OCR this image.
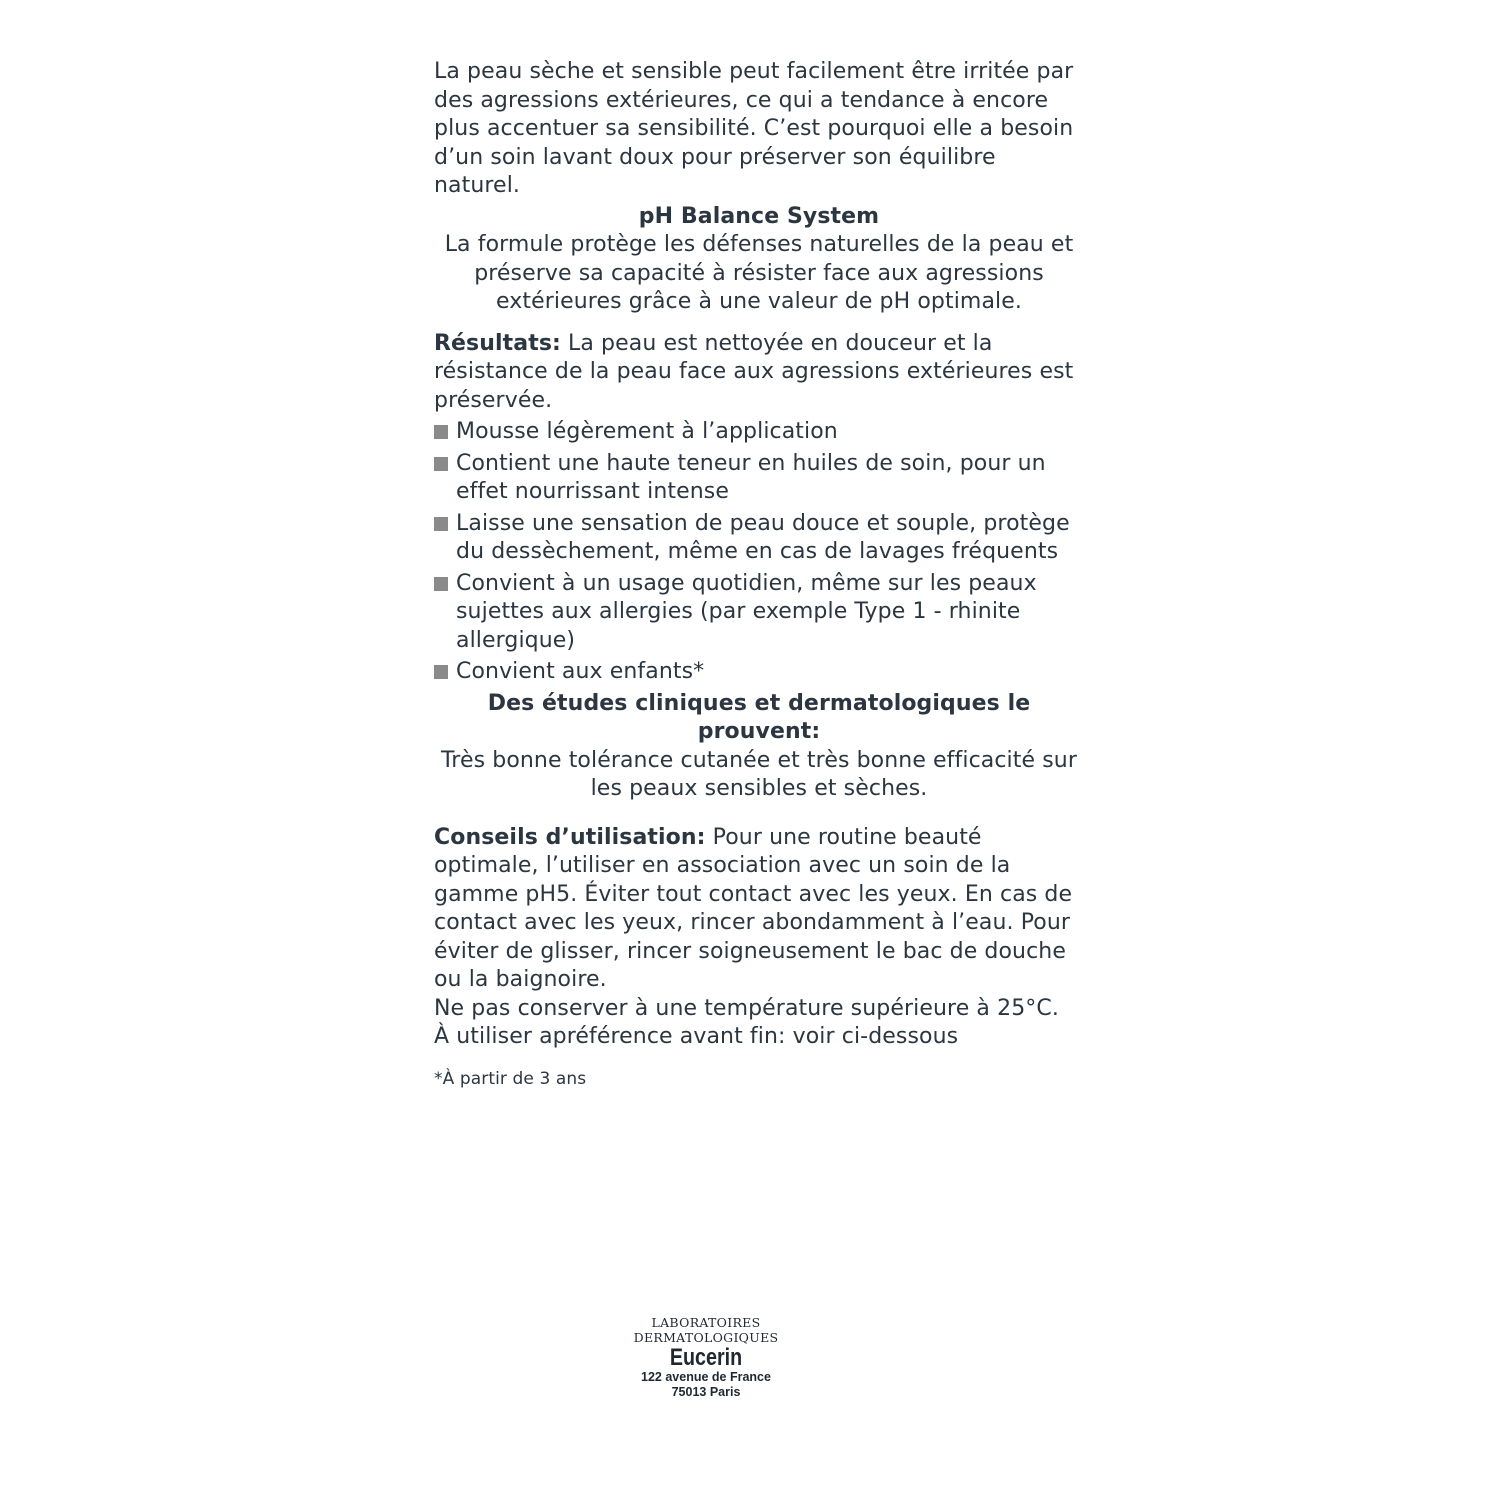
La peau sèche et sensible peut facilement être irritée par des agressions extérieures, ce qui a tendance à encore plus accentuer sa sensibilité. C’est pourquoi elle a besoin d’un soin lavant doux pour préserver son équilibre naturel.

pH Balance System
La formule protège les défenses naturelles de la peau et préserve sa capacité à résister face aux agressions extérieures grâce à une valeur de pH optimale.

Résultats: La peau est nettoyée en douceur et la résistance de la peau face aux agressions extérieures est préservée.

Mousse légèrement à l’application
Contient une haute teneur en huiles de soin, pour un effet nourrissant intense
Laisse une sensation de peau douce et souple, protège du dessèchement, même en cas de lavages fréquents
Convient à un usage quotidien, même sur les peaux sujettes aux allergies (par exemple Type 1 - rhinite allergique)
Convient aux enfants*
Des études cliniques et dermatologiques le prouvent:
Très bonne tolérance cutanée et très bonne efficacité sur les peaux sensibles et sèches.

Conseils d’utilisation: Pour une routine beauté optimale, l’utiliser en association avec un soin de la gamme pH5. Éviter tout contact avec les yeux. En cas de contact avec les yeux, rincer abondamment à l’eau. Pour éviter de glisser, rincer soigneusement le bac de douche ou la baignoire.

Ne pas conserver à une température supérieure à 25°C.
À utiliser apréférence avant fin: voir ci-dessous
*À partir de 3 ans
LABORATOIRES
DERMATOLOGIQUES
Eucerin
122 avenue de France
75013 Paris
